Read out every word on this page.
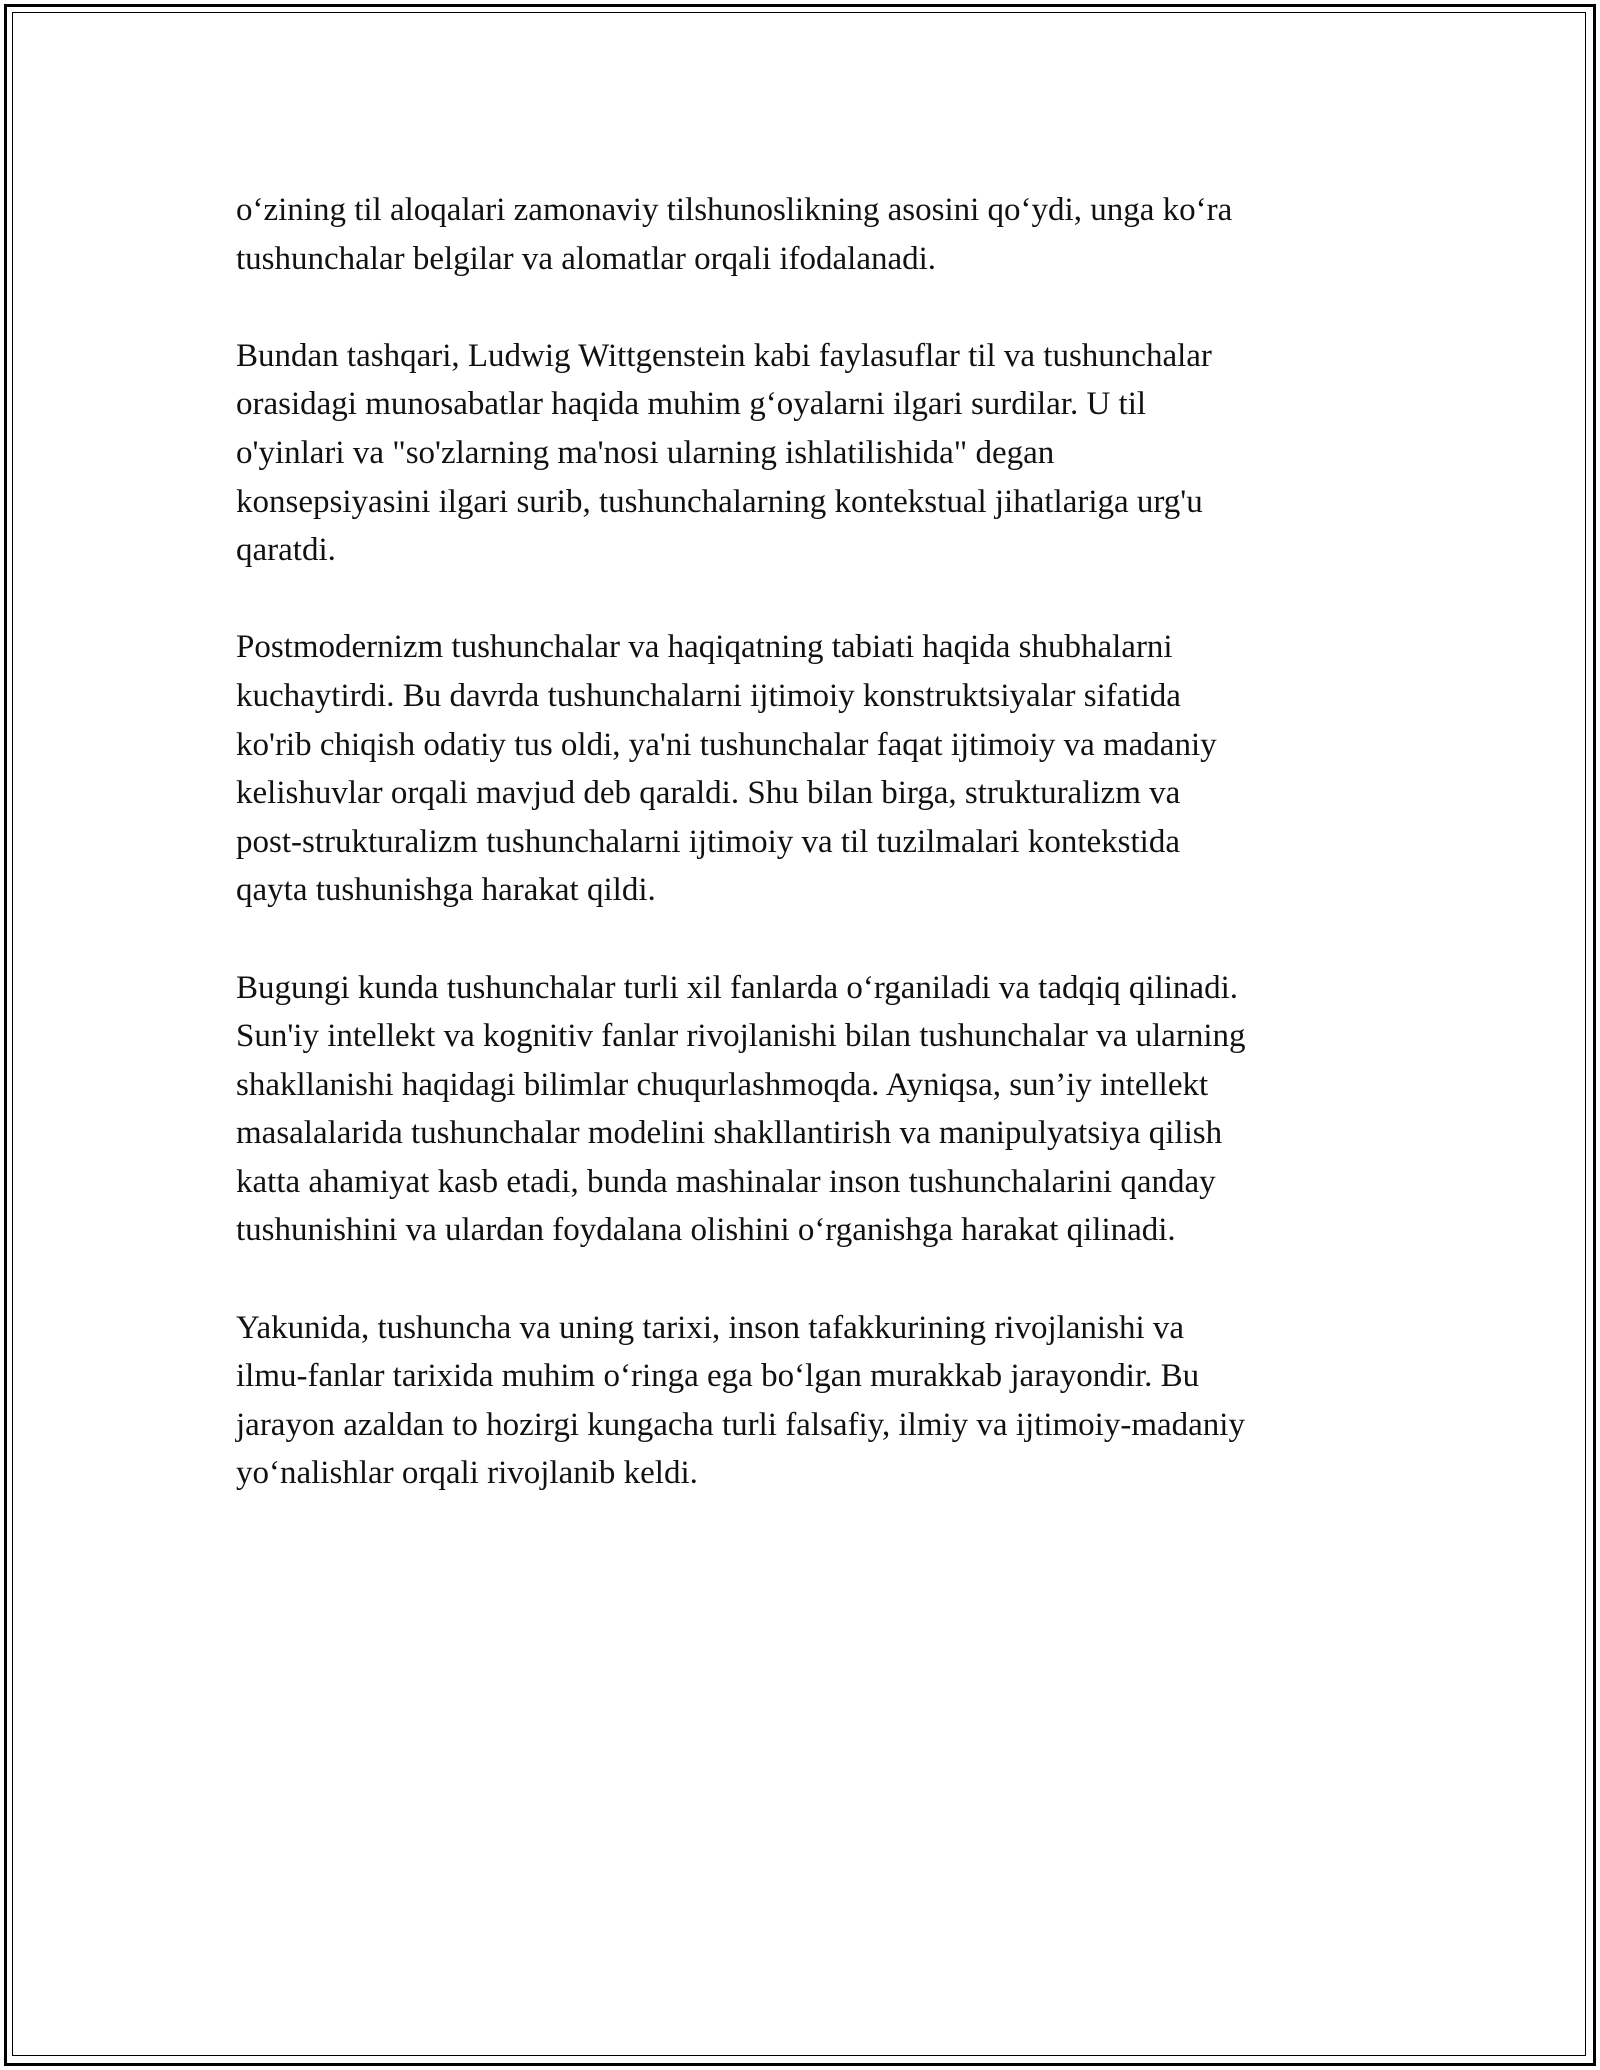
o‘zining til aloqalari zamonaviy tilshunoslikning asosini qo‘ydi, unga ko‘ra
tushunchalar belgilar va alomatlar orqali ifodalanadi.

Bundan tashqari, Ludwig Wittgenstein kabi faylasuflar til va tushunchalar
orasidagi munosabatlar haqida muhim g‘oyalarni ilgari surdilar. U til
o'yinlari va "so'zlarning ma'nosi ularning ishlatilishida" degan
konsepsiyasini ilgari surib, tushunchalarning kontekstual jihatlariga urg'u
qaratdi.

Postmodernizm tushunchalar va haqiqatning tabiati haqida shubhalarni
kuchaytirdi. Bu davrda tushunchalarni ijtimoiy konstruktsiyalar sifatida
ko'rib chiqish odatiy tus oldi, ya'ni tushunchalar faqat ijtimoiy va madaniy
kelishuvlar orqali mavjud deb qaraldi. Shu bilan birga, strukturalizm va
post-strukturalizm tushunchalarni ijtimoiy va til tuzilmalari kontekstida
qayta tushunishga harakat qildi.

Bugungi kunda tushunchalar turli xil fanlarda o‘rganiladi va tadqiq qilinadi.
Sun'iy intellekt va kognitiv fanlar rivojlanishi bilan tushunchalar va ularning
shakllanishi haqidagi bilimlar chuqurlashmoqda. Ayniqsa, sun’iy intellekt
masalalarida tushunchalar modelini shakllantirish va manipulyatsiya qilish
katta ahamiyat kasb etadi, bunda mashinalar inson tushunchalarini qanday
tushunishini va ulardan foydalana olishini o‘rganishga harakat qilinadi.

Yakunida, tushuncha va uning tarixi, inson tafakkurining rivojlanishi va
ilmu-fanlar tarixida muhim o‘ringa ega bo‘lgan murakkab jarayondir. Bu
jarayon azaldan to hozirgi kungacha turli falsafiy, ilmiy va ijtimoiy-madaniy
yo‘nalishlar orqali rivojlanib keldi.
